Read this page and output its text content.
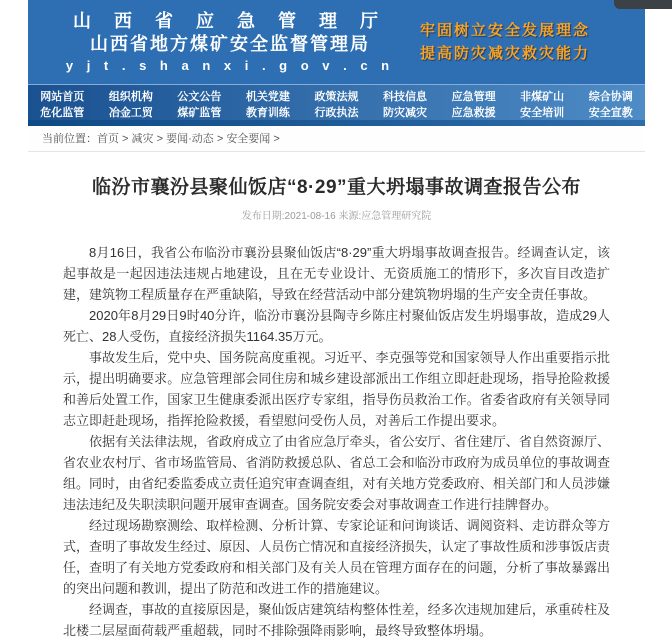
山 西 省 应 急 管 理 厅
山西省地方煤矿安全监督管理局
y j t . s h a n x i . g o v . c n
牢固树立安全发展理念
提高防灾减灾救灾能力
网站首页	组织机构	公文公告	机关党建	政策法规	科技信息	应急管理	非煤矿山	综合协调
危化监管	冶金工贸	煤矿监管	教育训练	行政执法	防灾减灾	应急救援	安全培训	安全宣教
当前位置：首页 > 减灾 > 要闻·动态 > 安全要闻 >
临汾市襄汾县聚仙饭店“8·29”重大坍塌事故调查报告公布
发布日期:2021-08-16 来源:应急管理研究院

8月16日，我省公布临汾市襄汾县聚仙饭店“8·29”重大坍塌事故调查报告。经调查认定，该起事故是一起因违法违规占地建设，且在无专业设计、无资质施工的情形下，多次盲目改造扩建，建筑物工程质量存在严重缺陷，导致在经营活动中部分建筑物坍塌的生产安全责任事故。

2020年8月29日9时40分许，临汾市襄汾县陶寺乡陈庄村聚仙饭店发生坍塌事故，造成29人死亡、28人受伤，直接经济损失1164.35万元。

事故发生后，党中央、国务院高度重视。习近平、李克强等党和国家领导人作出重要指示批示，提出明确要求。应急管理部会同住房和城乡建设部派出工作组立即赶赴现场，指导抢险救援和善后处置工作，国家卫生健康委派出医疗专家组，指导伤员救治工作。省委省政府有关领导同志立即赶赴现场，指挥抢险救援，看望慰问受伤人员，对善后工作提出要求。

依据有关法律法规，省政府成立了由省应急厅牵头，省公安厅、省住建厅、省自然资源厅、省农业农村厅、省市场监管局、省消防救援总队、省总工会和临汾市政府为成员单位的事故调查组。同时，由省纪委监委成立责任追究审查调查组，对有关地方党委政府、相关部门和人员涉嫌违法违纪及失职渎职问题开展审查调查。国务院安委会对事故调查工作进行挂牌督办。

经过现场勘察测绘、取样检测、分析计算、专家论证和问询谈话、调阅资料、走访群众等方式，查明了事故发生经过、原因、人员伤亡情况和直接经济损失，认定了事故性质和涉事饭店责任，查明了有关地方党委政府和相关部门及有关人员在管理方面存在的问题，分析了事故暴露出的突出问题和教训，提出了防范和改进工作的措施建议。

经调查，事故的直接原因是，聚仙饭店建筑结构整体性差，经多次违规加建后，承重砖柱及北楼二层屋面荷载严重超载，同时不排除强降雨影响，最终导致整体坍塌。
